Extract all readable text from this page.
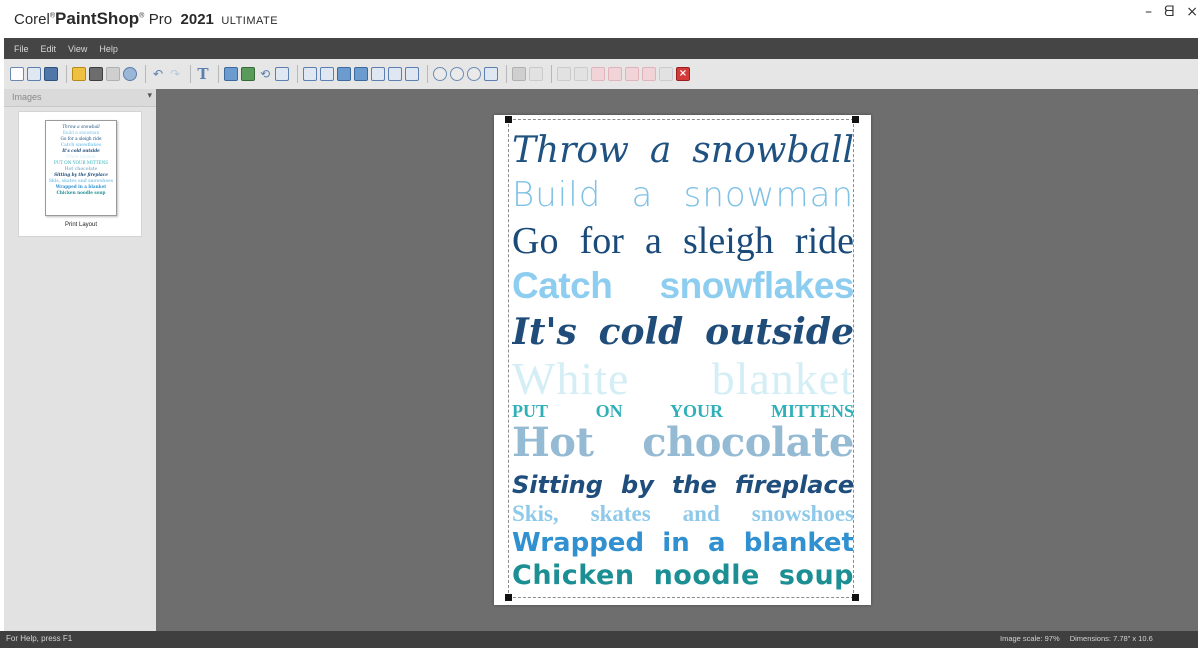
Corel®PaintShop® Pro 2021 ULTIMATE
– ᗺ ×
File Edit View Help
↶ ↷ T	⟲	×
Images	▾
Throw a snowball
Build a snowman
Go for a sleigh ride
Catch snowflakes
It's cold outside
White blanket
PUT ON YOUR MITTENS
Hot chocolate
Sitting by the fireplace
Skis, skates and snowshoes
Wrapped in a blanket
Chicken noodle soup
Print Layout
Throw a snowball
Build a snowman
Go for a sleigh ride
Catch snowflakes
It's cold outside
White blanket
PUT ON YOUR MITTENS
Hot chocolate
Sitting by the fireplace
Skis, skates and snowshoes
Wrapped in a blanket
Chicken noodle soup
For Help, press F1	Image scale: 97% Dimensions: 7.78" x 10.6
